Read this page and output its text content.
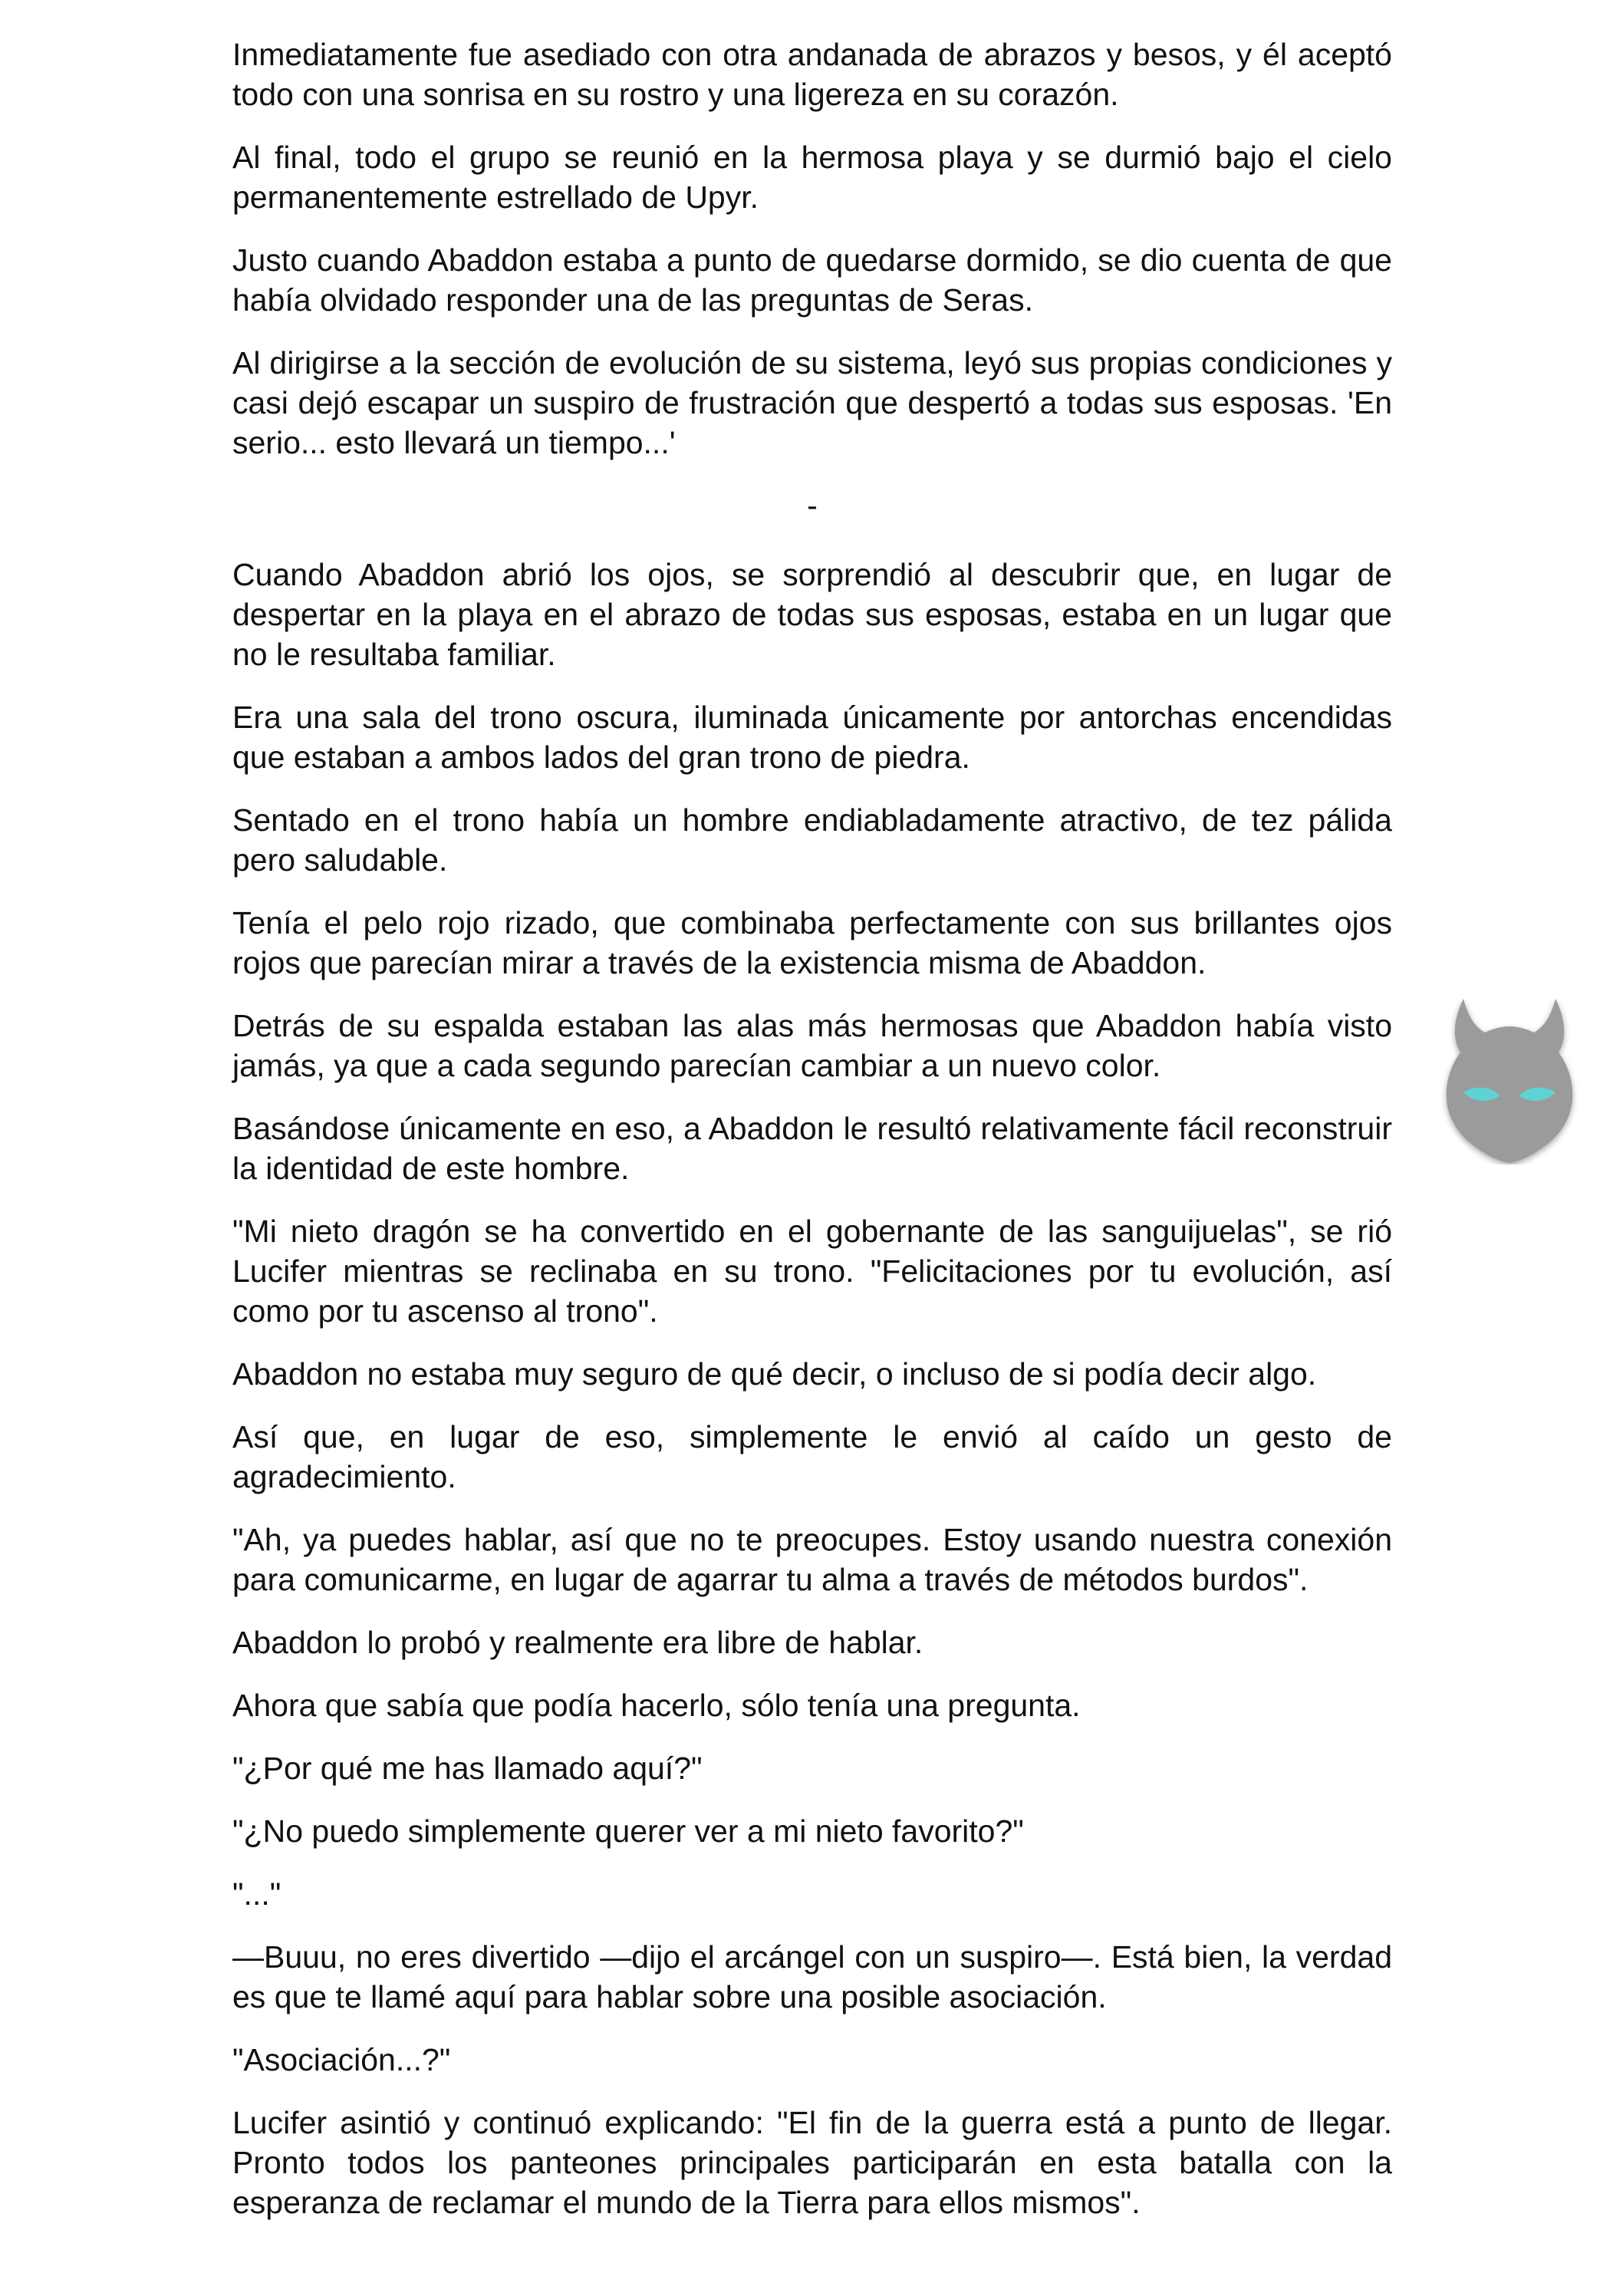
Inmediatamente fue asediado con otra andanada de abrazos y besos, y él aceptó todo con una sonrisa en su rostro y una ligereza en su corazón.

Al final, todo el grupo se reunió en la hermosa playa y se durmió bajo el cielo permanentemente estrellado de Upyr.

Justo cuando Abaddon estaba a punto de quedarse dormido, se dio cuenta de que había olvidado responder una de las preguntas de Seras.

Al dirigirse a la sección de evolución de su sistema, leyó sus propias condiciones y casi dejó escapar un suspiro de frustración que despertó a todas sus esposas. 'En serio... esto llevará un tiempo...'

-

Cuando Abaddon abrió los ojos, se sorprendió al descubrir que, en lugar de despertar en la playa en el abrazo de todas sus esposas, estaba en un lugar que no le resultaba familiar.

Era una sala del trono oscura, iluminada únicamente por antorchas encendidas que estaban a ambos lados del gran trono de piedra.

Sentado en el trono había un hombre endiabladamente atractivo, de tez pálida pero saludable.

Tenía el pelo rojo rizado, que combinaba perfectamente con sus brillantes ojos rojos que parecían mirar a través de la existencia misma de Abaddon.

Detrás de su espalda estaban las alas más hermosas que Abaddon había visto jamás, ya que a cada segundo parecían cambiar a un nuevo color.

Basándose únicamente en eso, a Abaddon le resultó relativamente fácil reconstruir la identidad de este hombre.

"Mi nieto dragón se ha convertido en el gobernante de las sanguijuelas", se rió Lucifer mientras se reclinaba en su trono. "Felicitaciones por tu evolución, así como por tu ascenso al trono".

Abaddon no estaba muy seguro de qué decir, o incluso de si podía decir algo.

Así que, en lugar de eso, simplemente le envió al caído un gesto de agradecimiento.

"Ah, ya puedes hablar, así que no te preocupes. Estoy usando nuestra conexión para comunicarme, en lugar de agarrar tu alma a través de métodos burdos".

Abaddon lo probó y realmente era libre de hablar.

Ahora que sabía que podía hacerlo, sólo tenía una pregunta.

"¿Por qué me has llamado aquí?"

"¿No puedo simplemente querer ver a mi nieto favorito?"

"..."

—Buuu, no eres divertido —dijo el arcángel con un suspiro—. Está bien, la verdad es que te llamé aquí para hablar sobre una posible asociación.

"Asociación...?"

Lucifer asintió y continuó explicando: "El fin de la guerra está a punto de llegar. Pronto todos los panteones principales participarán en esta batalla con la esperanza de reclamar el mundo de la Tierra para ellos mismos".
